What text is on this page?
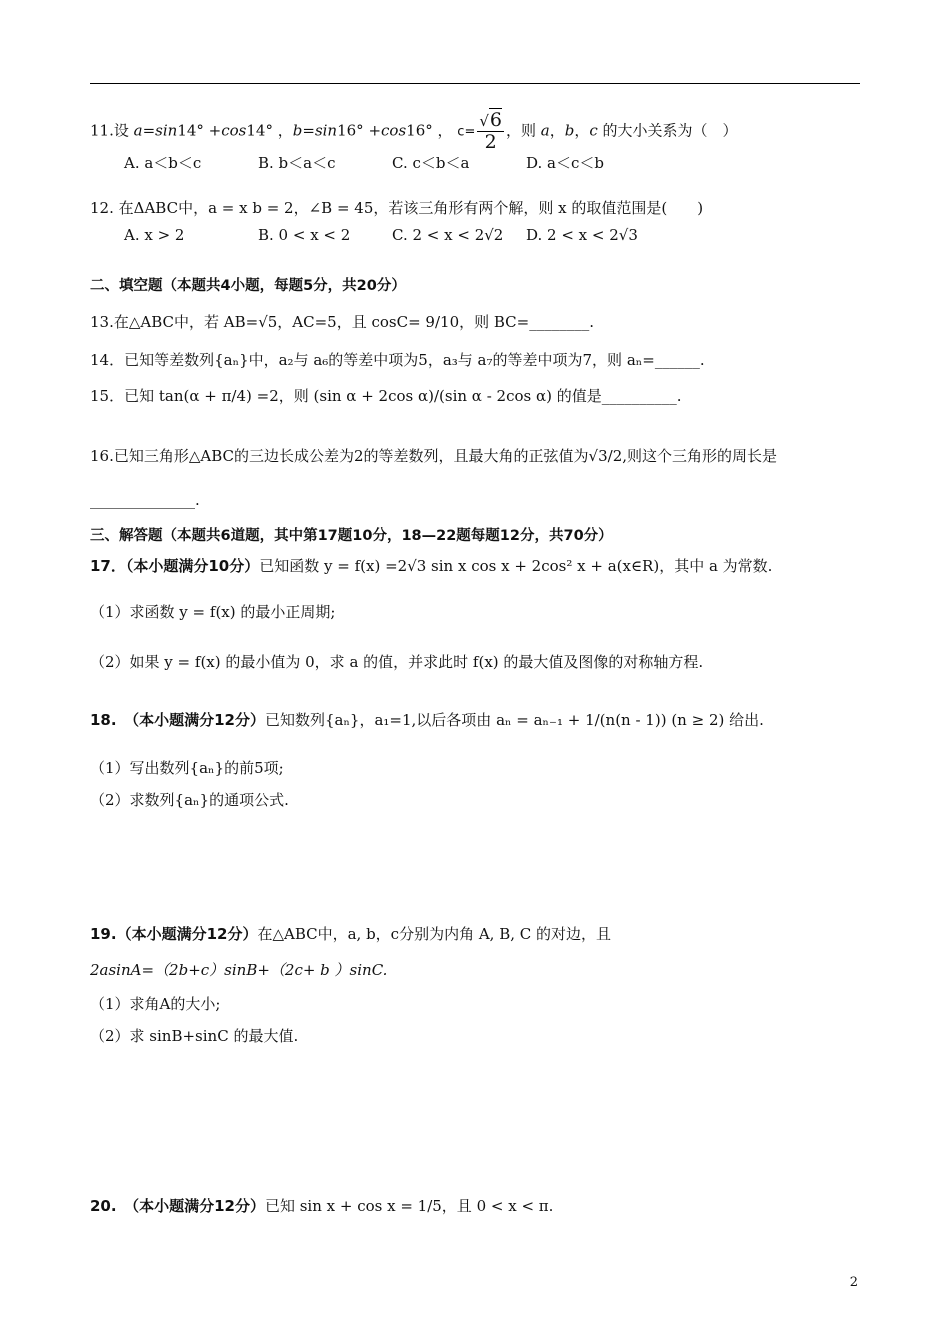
11.设 a=sin14° +cos14° ，b=sin16° +cos16° ， $c= \frac{√6}{2}$ ，则 a，b，c 的大小关系为（　）
A. a＜b＜c	B. b＜a＜c	C. c＜b＜a	D. a＜c＜b
12. 在ΔABC中，a = x b = 2，∠B = 45，若该三角形有两个解，则 x 的取值范围是(　　)
A. x > 2	B. 0 < x < 2	C. 2 < x < 2√2 D. 2 < x < 2√3
二、填空题（本题共4小题，每题5分，共20分）
13.在△ABC中，若 AB=√5，AC=5，且 cosC= 9/10，则 BC=________.
14．已知等差数列{aₙ}中，a₂与 a₆的等差中项为5，a₃与 a₇的等差中项为7，则 aₙ=______.
15．已知 tan(α + π/4) =2，则 (sin α + 2cos α)/(sin α - 2cos α) 的值是__________.
16.已知三角形△ABC的三边长成公差为2的等差数列，且最大角的正弦值为√3/2,则这个三角形的周长是______________.
三、解答题（本题共6道题，其中第17题10分，18—22题每题12分，共70分）
17．（本小题满分10分）已知函数 y = f(x) =2√3 sin x cos x + 2cos² x + a(x∈R)，其中 a 为常数.
（1）求函数 y = f(x) 的最小正周期;
（2）如果 y = f(x) 的最小值为 0，求 a 的值，并求此时 f(x) 的最大值及图像的对称轴方程.
18.　（本小题满分12分）已知数列{aₙ}，a₁=1,以后各项由 aₙ = aₙ₋₁ + 1/(n(n - 1)) (n ≥ 2) 给出.
（1）写出数列{aₙ}的前5项;
（2）求数列{aₙ}的通项公式.
19.（本小题满分12分）在△ABC中，a, b，c分别为内角 A, B, C 的对边，且
2asinA=（2b+c）sinB+（2c+ b ）sinC.
（1）求角A的大小;
（2）求 sinB+sinC 的最大值.
20.　（本小题满分12分）已知 sin x + cos x = 1/5，且 0 < x < π.
2
